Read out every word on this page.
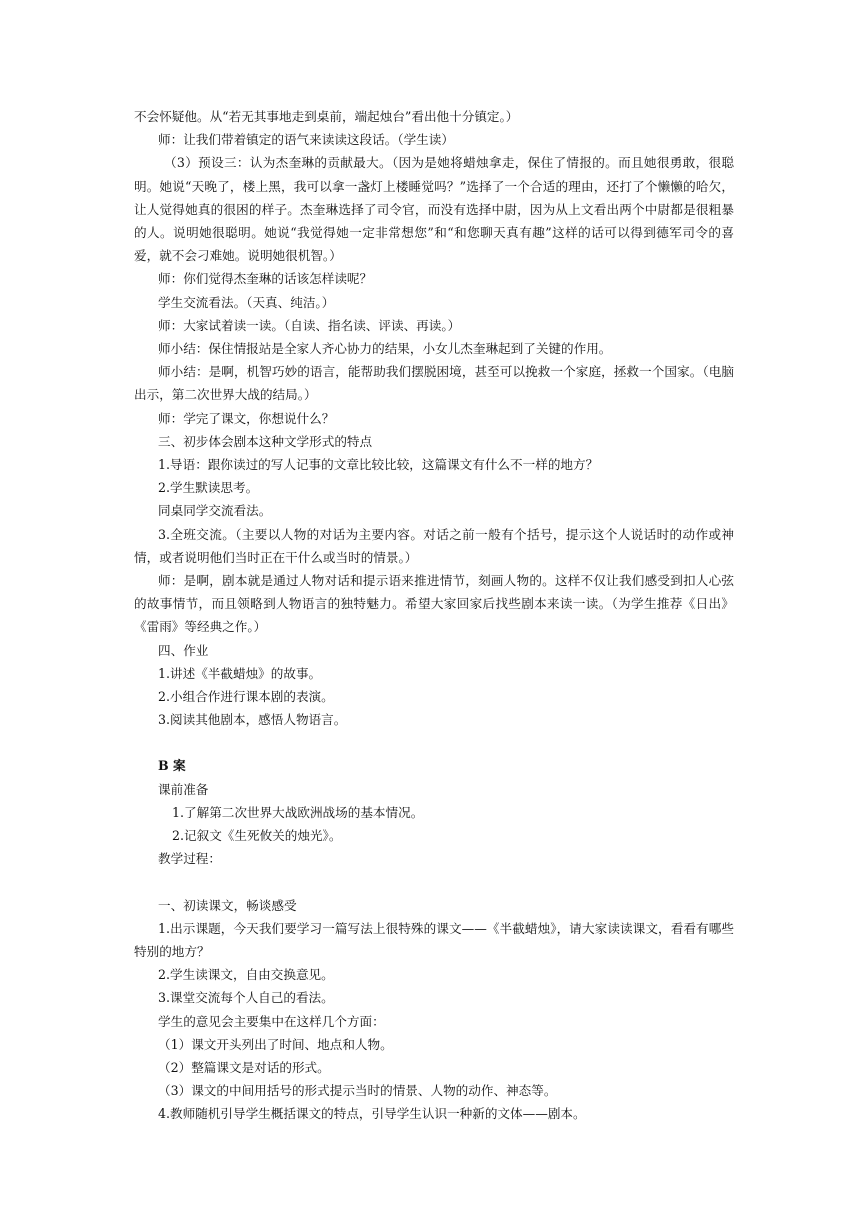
不会怀疑他。从“若无其事地走到桌前，端起烛台”看出他十分镇定。）

师：让我们带着镇定的语气来读读这段话。（学生读）

（3）预设三：认为杰奎琳的贡献最大。（因为是她将蜡烛拿走，保住了情报的。而且她很勇敢，很聪明。她说“天晚了，楼上黑，我可以拿一盏灯上楼睡觉吗？”选择了一个合适的理由，还打了个懒懒的哈欠，让人觉得她真的很困的样子。杰奎琳选择了司令官，而没有选择中尉，因为从上文看出两个中尉都是很粗暴的人。说明她很聪明。她说“我觉得她一定非常想您”和“和您聊天真有趣”这样的话可以得到德军司令的喜爱，就不会刁难她。说明她很机智。）

师：你们觉得杰奎琳的话该怎样读呢？

学生交流看法。（天真、纯洁。）

师：大家试着读一读。（自读、指名读、评读、再读。）

师小结：保住情报站是全家人齐心协力的结果，小女儿杰奎琳起到了关键的作用。

师小结：是啊，机智巧妙的语言，能帮助我们摆脱困境，甚至可以挽救一个家庭，拯救一个国家。（电脑出示，第二次世界大战的结局。）

师：学完了课文，你想说什么？

三、初步体会剧本这种文学形式的特点

1.导语：跟你读过的写人记事的文章比较比较，这篇课文有什么不一样的地方？

2.学生默读思考。

同桌同学交流看法。

3.全班交流。（主要以人物的对话为主要内容。对话之前一般有个括号，提示这个人说话时的动作或神情，或者说明他们当时正在干什么或当时的情景。）

师：是啊，剧本就是通过人物对话和提示语来推进情节，刻画人物的。这样不仅让我们感受到扣人心弦的故事情节，而且领略到人物语言的独特魅力。希望大家回家后找些剧本来读一读。（为学生推荐《日出》《雷雨》等经典之作。）

四、作业

1.讲述《半截蜡烛》的故事。

2.小组合作进行课本剧的表演。

3.阅读其他剧本，感悟人物语言。

B 案

课前准备

1.了解第二次世界大战欧洲战场的基本情况。

2.记叙文《生死攸关的烛光》。

教学过程：

一、初读课文，畅谈感受

1.出示课题，今天我们要学习一篇写法上很特殊的课文——《半截蜡烛》，请大家读读课文，看看有哪些特别的地方？

2.学生读课文，自由交换意见。

3.课堂交流每个人自己的看法。

学生的意见会主要集中在这样几个方面：

（1）课文开头列出了时间、地点和人物。

（2）整篇课文是对话的形式。

（3）课文的中间用括号的形式提示当时的情景、人物的动作、神态等。

4.教师随机引导学生概括课文的特点，引导学生认识一种新的文体——剧本。
